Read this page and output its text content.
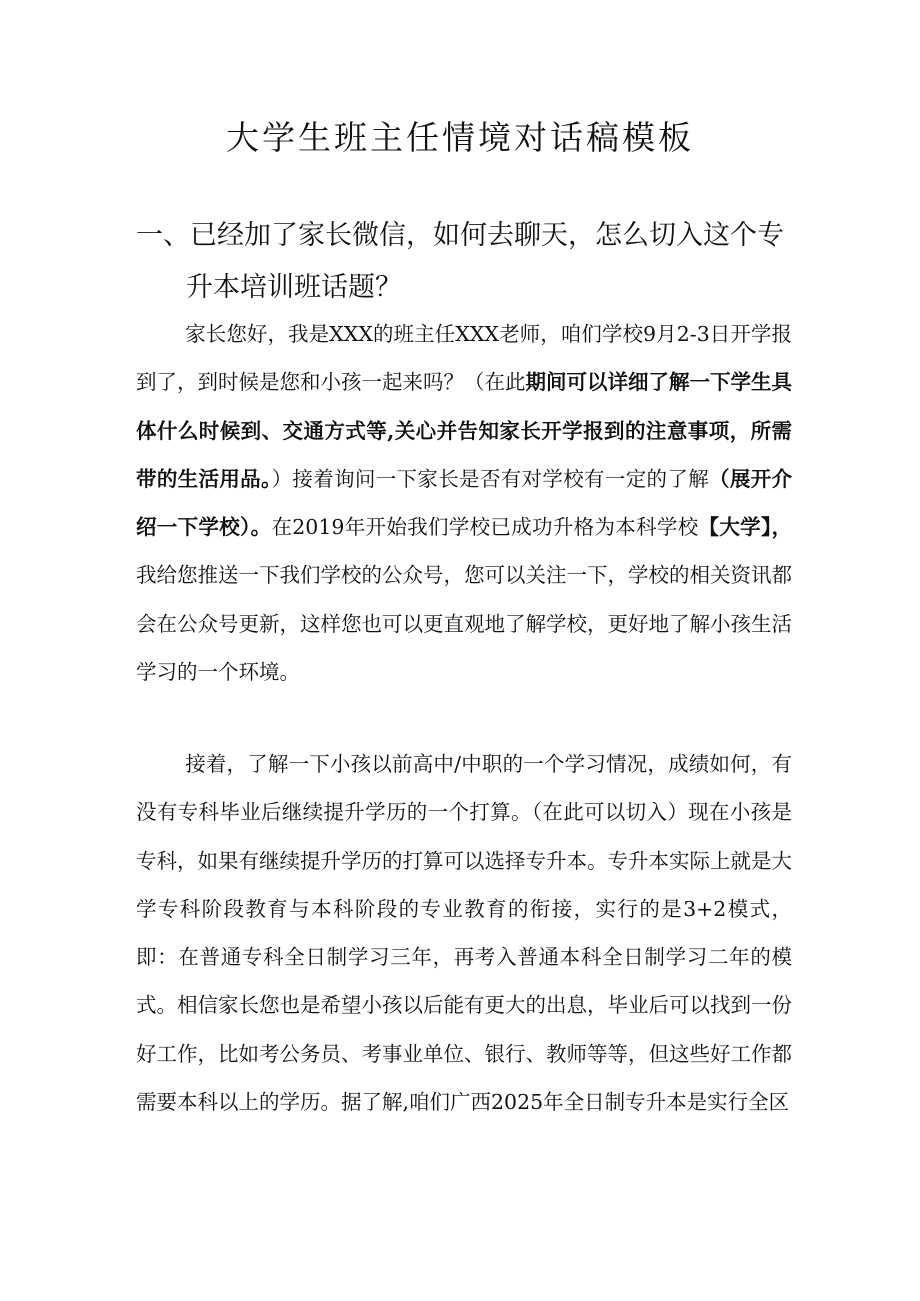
大学生班主任情境对话稿模板
一、已经加了家长微信，如何去聊天，怎么切入这个专
升本培训班话题？

家长您好，我是XXX的班主任XXX老师，咱们学校9月2-3日开学报到了，到时候是您和小孩一起来吗？（在此期间可以详细了解一下学生具体什么时候到、交通方式等,关心并告知家长开学报到的注意事项，所需带的生活用品。）接着询问一下家长是否有对学校有一定的了解（展开介绍一下学校）。在2019年开始我们学校已成功升格为本科学校【大学】，我给您推送一下我们学校的公众号，您可以关注一下，学校的相关资讯都会在公众号更新，这样您也可以更直观地了解学校，更好地了解小孩生活学习的一个环境。

接着，了解一下小孩以前高中/中职的一个学习情况，成绩如何，有没有专科毕业后继续提升学历的一个打算。（在此可以切入）现在小孩是专科，如果有继续提升学历的打算可以选择专升本。专升本实际上就是大学专科阶段教育与本科阶段的专业教育的衔接，实行的是3+2模式，即：在普通专科全日制学习三年，再考入普通本科全日制学习二年的模式。相信家长您也是希望小孩以后能有更大的出息，毕业后可以找到一份好工作，比如考公务员、考事业单位、银行、教师等等，但这些好工作都需要本科以上的学历。据了解,咱们广西2025年全日制专升本是实行全区
